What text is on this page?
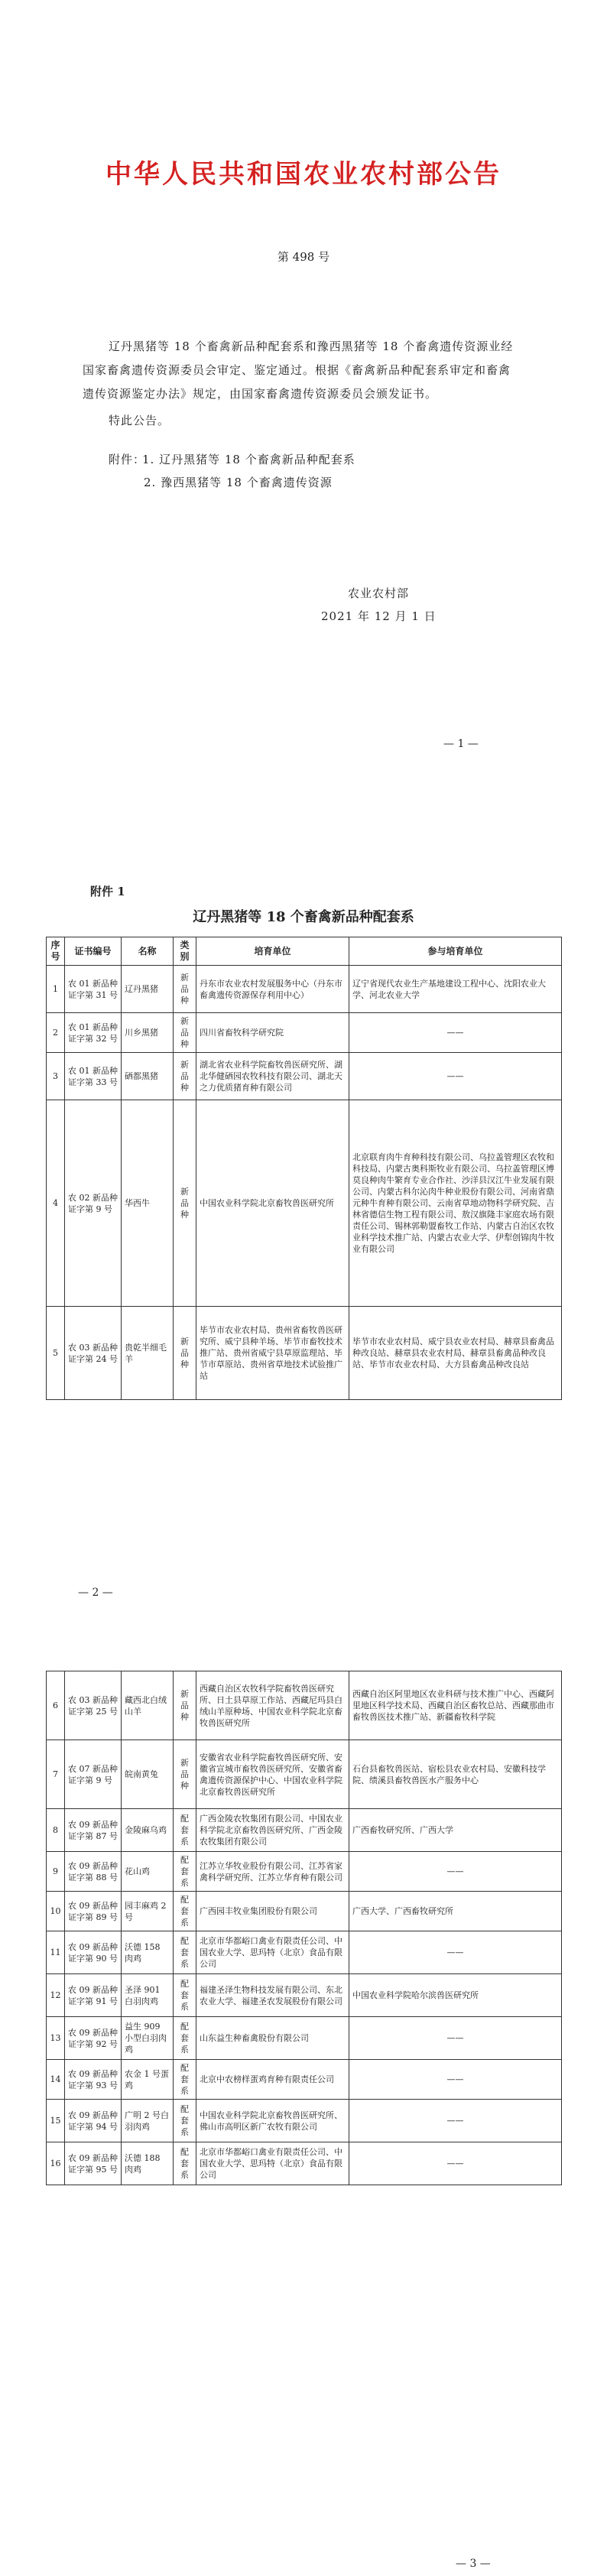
中华人民共和国农业农村部公告
第 498 号

辽丹黑猪等 18 个畜禽新品种配套系和豫西黑猪等 18 个畜禽遗传资源业经国家畜禽遗传资源委员会审定、鉴定通过。根据《畜禽新品种配套系审定和畜禽遗传资源鉴定办法》规定，由国家畜禽遗传资源委员会颁发证书。

特此公告。
附件：
1. 辽丹黑猪等 18 个畜禽新品种配套系
2. 豫西黑猪等 18 个畜禽遗传资源
农业农村部
2021 年 12 月 1 日
— 1 —
— 2 —
附件 1
辽丹黑猪等 18 个畜禽新品种配套系
序号	证书编号	名称	类别	培育单位	参与培育单位
1	农 01 新品种证字第 31 号	辽丹黑猪	新品种	丹东市农业农村发展服务中心（丹东市畜禽遗传资源保存利用中心）	辽宁省现代农业生产基地建设工程中心、沈阳农业大学、河北农业大学
2	农 01 新品种证字第 32 号	川乡黑猪	新品种	四川省畜牧科学研究院	——
3	农 01 新品种证字第 33 号	硒都黑猪	新品种	湖北省农业科学院畜牧兽医研究所、湖北华健硒园农牧科技有限公司、湖北天之力优质猪育种有限公司	——
4	农 02 新品种证字第 9 号	华西牛	新品种	中国农业科学院北京畜牧兽医研究所	北京联育肉牛育种科技有限公司、乌拉盖管理区农牧和科技局、内蒙古奥科斯牧业有限公司、乌拉盖管理区博莫良种肉牛繁育专业合作社、沙洋县汉江牛业发展有限公司、内蒙古科尔沁肉牛种业股份有限公司、河南省鼎元种牛育种有限公司、云南省草地动物科学研究院、吉林省德信生物工程有限公司、敖汉旗隆丰家庭农场有限责任公司、锡林郭勒盟畜牧工作站、内蒙古自治区农牧业科学技术推广站、内蒙古农业大学、伊犁创锦肉牛牧业有限公司
5	农 03 新品种证字第 24 号	贵乾半细毛羊	新品种	毕节市农业农村局、贵州省畜牧兽医研究所、威宁县种羊场、毕节市畜牧技术推广站、贵州省威宁县草原监理站、毕节市草原站、贵州省草地技术试验推广站	毕节市农业农村局、威宁县农业农村局、赫章县畜禽品种改良站、赫章县农业农村局、赫章县畜禽品种改良站、毕节市农业农村局、大方县畜禽品种改良站
— 3 —
6	农 03 新品种证字第 25 号	藏西北白绒山羊	新品种	西藏自治区农牧科学院畜牧兽医研究所、日土县草原工作站、西藏尼玛县白绒山羊原种场、中国农业科学院北京畜牧兽医研究所	西藏自治区阿里地区农业科研与技术推广中心、西藏阿里地区科学技术局、西藏自治区畜牧总站、西藏那曲市畜牧兽医技术推广站、新疆畜牧科学院
7	农 07 新品种证字第 9 号	皖南黄兔	新品种	安徽省农业科学院畜牧兽医研究所、安徽省宣城市畜牧兽医研究所、安徽省畜禽遗传资源保护中心、中国农业科学院北京畜牧兽医研究所	石台县畜牧兽医站、宿松县农业农村局、安徽科技学院、绩溪县畜牧兽医水产服务中心
8	农 09 新品种证字第 87 号	金陵麻乌鸡	配套系	广西金陵农牧集团有限公司、中国农业科学院北京畜牧兽医研究所、广西金陵农牧集团有限公司	广西畜牧研究所、广西大学
9	农 09 新品种证字第 88 号	花山鸡	配套系	江苏立华牧业股份有限公司、江苏省家禽科学研究所、江苏立华育种有限公司	——
10	农 09 新品种证字第 89 号	园丰麻鸡 2 号	配套系	广西园丰牧业集团股份有限公司	广西大学、广西畜牧研究所
11	农 09 新品种证字第 90 号	沃德 158 肉鸡	配套系	北京市华都峪口禽业有限责任公司、中国农业大学、思玛特（北京）食品有限公司	——
12	农 09 新品种证字第 91 号	圣泽 901 白羽肉鸡	配套系	福建圣泽生物科技发展有限公司、东北农业大学、福建圣农发展股份有限公司	中国农业科学院哈尔滨兽医研究所
13	农 09 新品种证字第 92 号	益生 909 小型白羽肉鸡	配套系	山东益生种畜禽股份有限公司	——
14	农 09 新品种证字第 93 号	农金 1 号蛋鸡	配套系	北京中农榜样蛋鸡育种有限责任公司	——
15	农 09 新品种证字第 94 号	广明 2 号白羽肉鸡	配套系	中国农业科学院北京畜牧兽医研究所、佛山市高明区新广农牧有限公司	——
16	农 09 新品种证字第 95 号	沃德 188 肉鸡	配套系	北京市华都峪口禽业有限责任公司、中国农业大学、思玛特（北京）食品有限公司	——
